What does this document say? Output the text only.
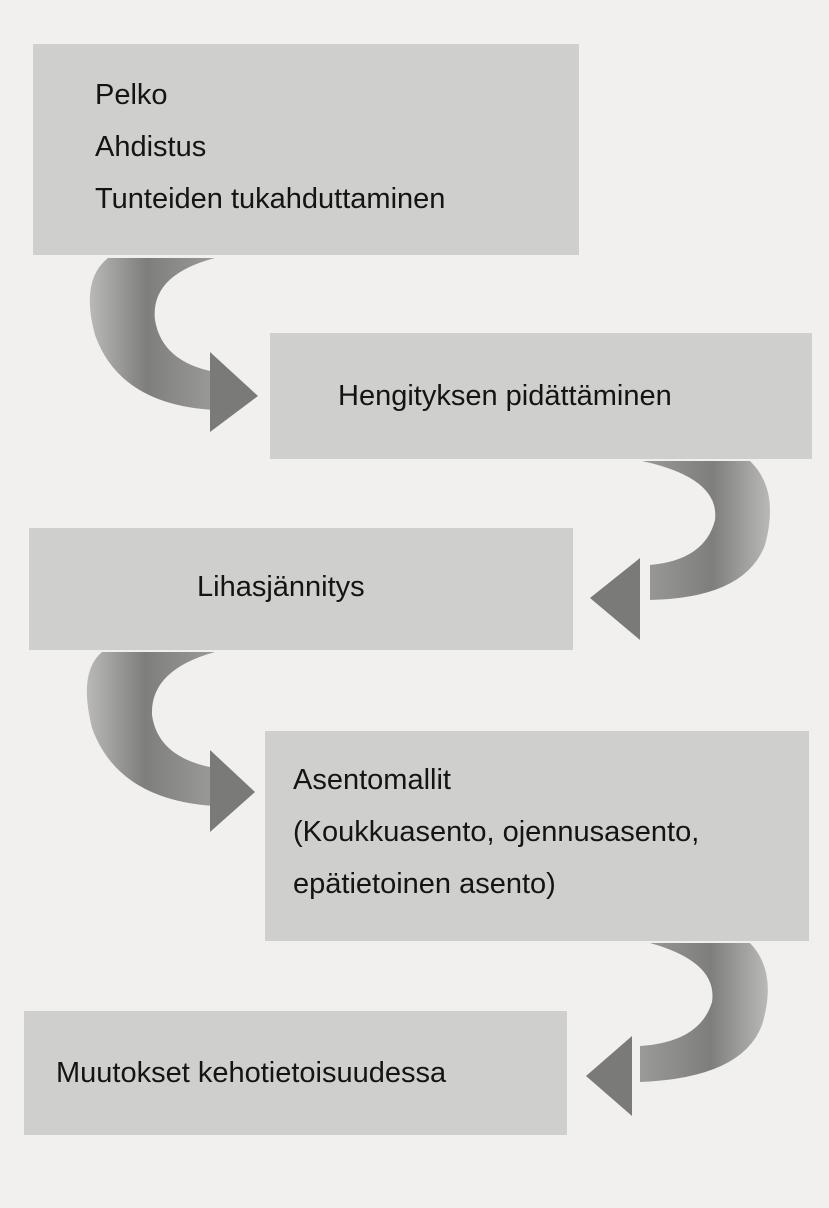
Pelko
Ahdistus
Tunteiden tukahduttaminen
Hengityksen pidättäminen
Lihasjännitys
Asentomallit
(Koukkuasento, ojennusasento,
epätietoinen asento)
Muutokset kehotietoisuudessa
